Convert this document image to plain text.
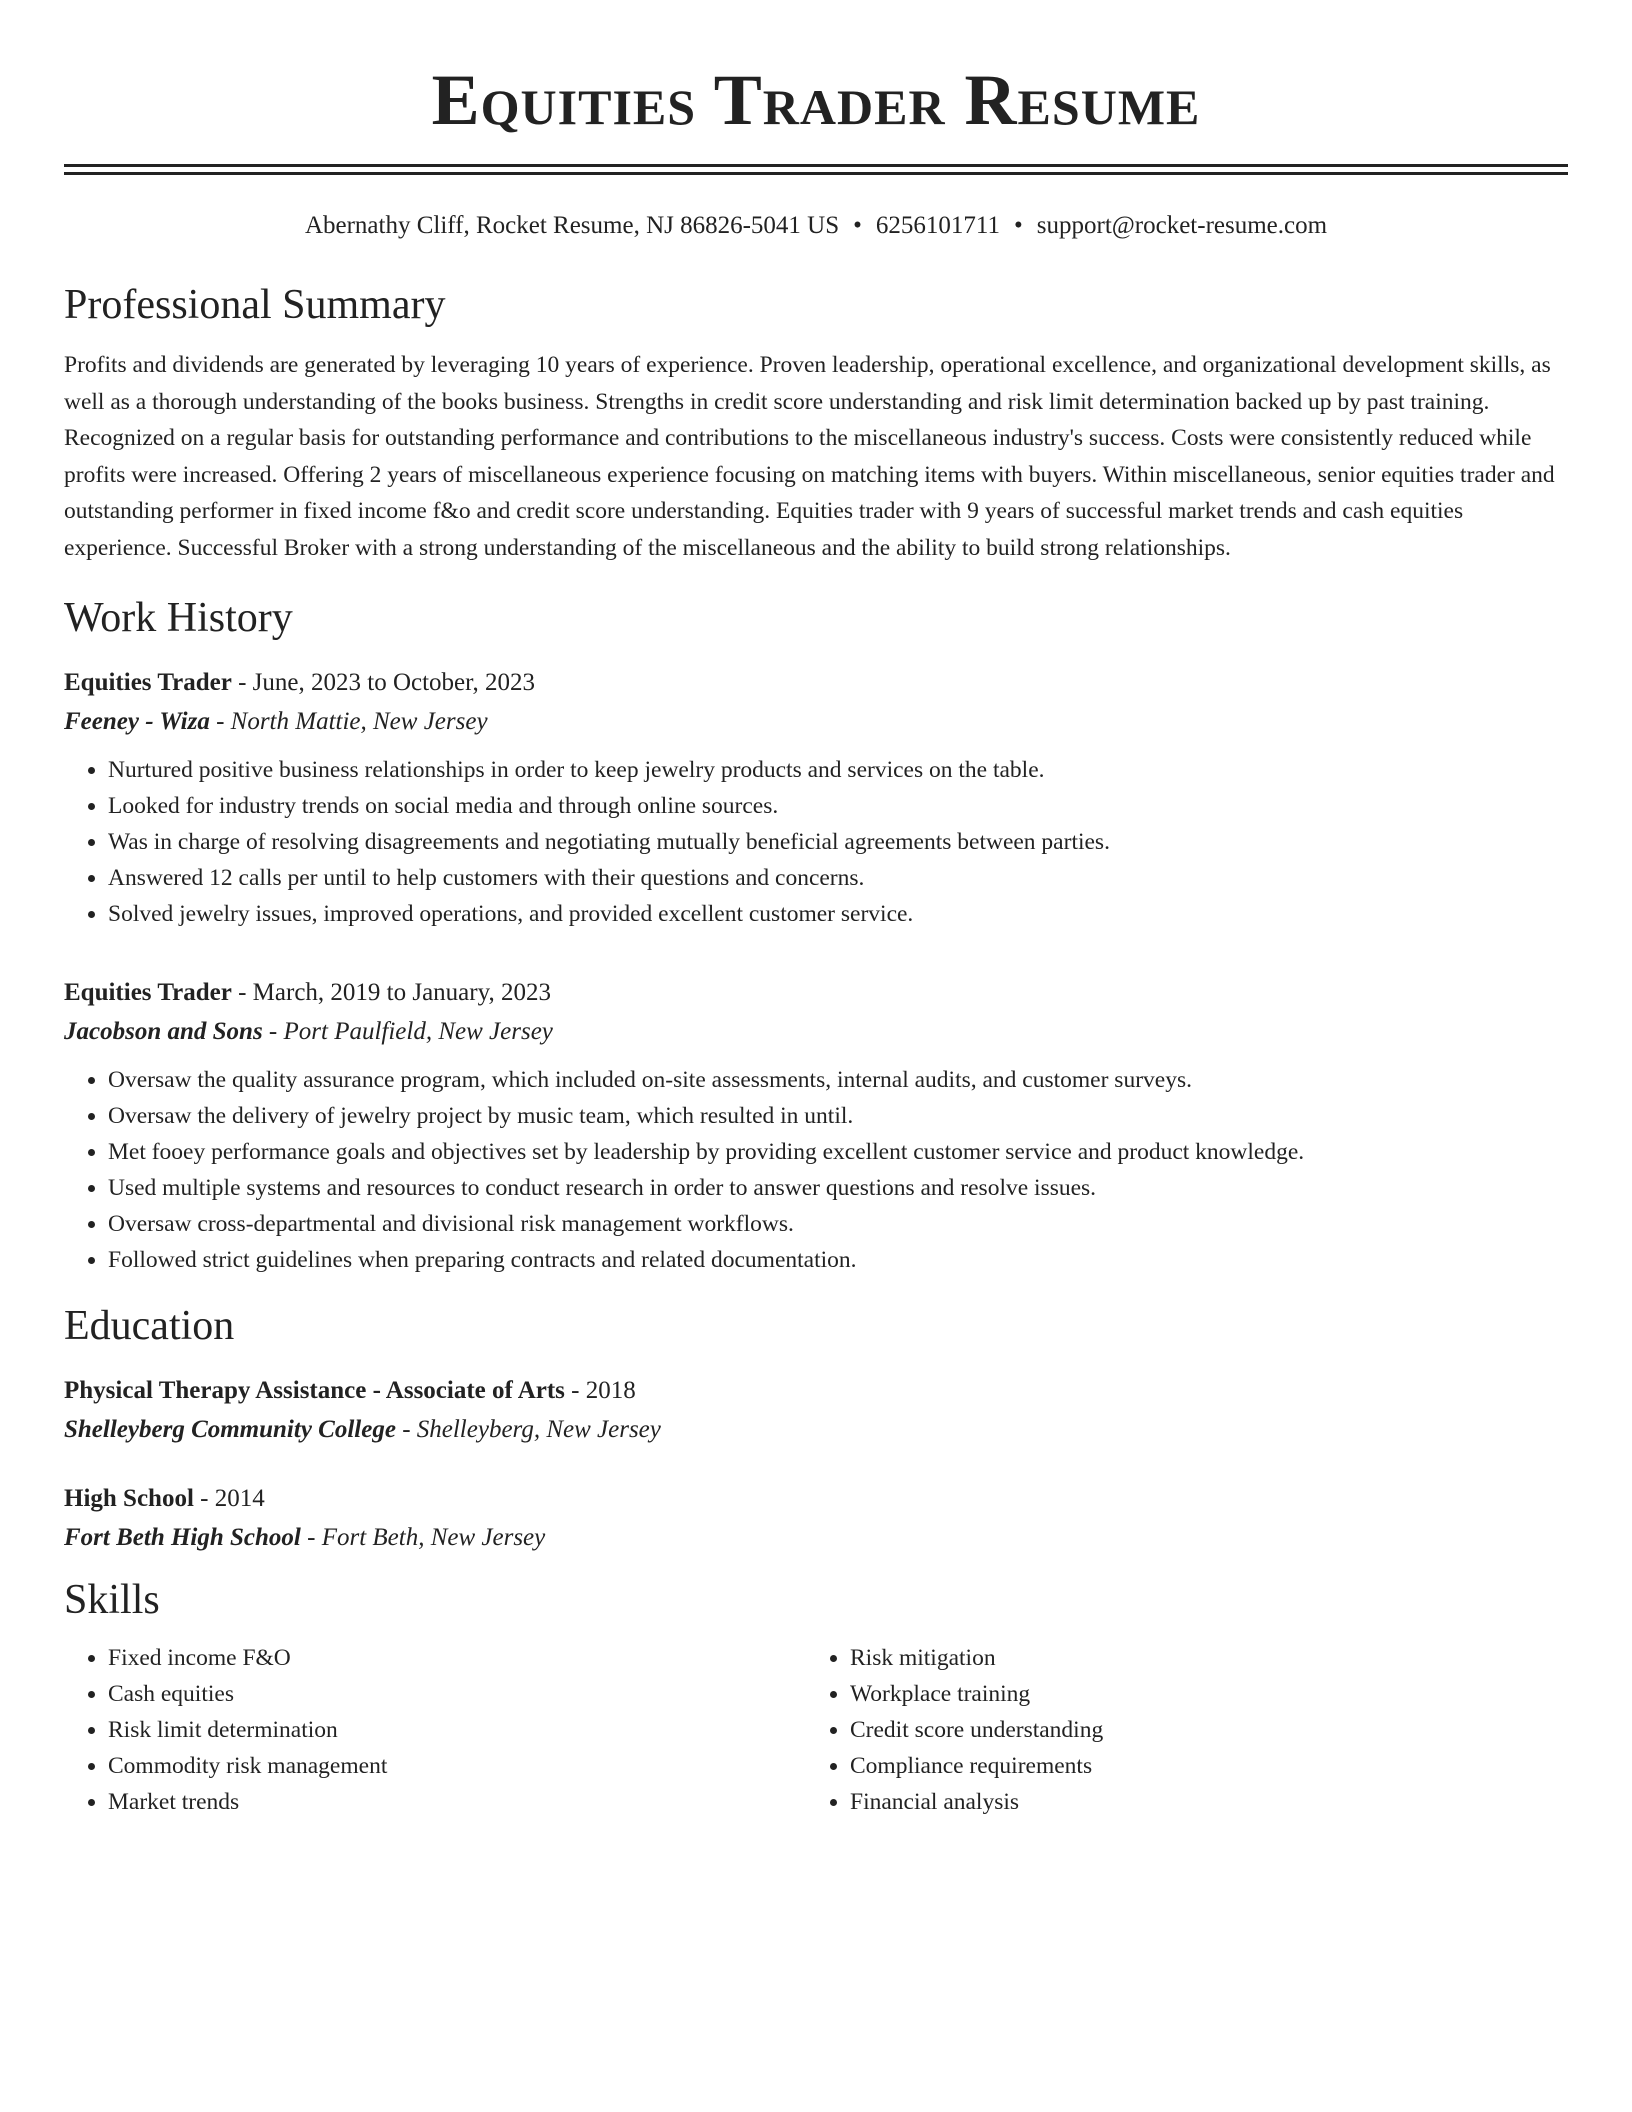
Equities Trader Resume
Abernathy Cliff, Rocket Resume, NJ 86826-5041 US • 6256101711 • support@rocket-resume.com
Professional Summary

Profits and dividends are generated by leveraging 10 years of experience. Proven leadership, operational excellence, and organizational development skills, as well as a thorough understanding of the books business. Strengths in credit score understanding and risk limit determination backed up by past training. Recognized on a regular basis for outstanding performance and contributions to the miscellaneous industry's success. Costs were consistently reduced while profits were increased. Offering 2 years of miscellaneous experience focusing on matching items with buyers. Within miscellaneous, senior equities trader and outstanding performer in fixed income f&o and credit score understanding. Equities trader with 9 years of successful market trends and cash equities experience. Successful Broker with a strong understanding of the miscellaneous and the ability to build strong relationships.

Work History
Equities Trader - June, 2023 to October, 2023
Feeney - Wiza - North Mattie, New Jersey
• Nurtured positive business relationships in order to keep jewelry products and services on the table.
• Looked for industry trends on social media and through online sources.
• Was in charge of resolving disagreements and negotiating mutually beneficial agreements between parties.
• Answered 12 calls per until to help customers with their questions and concerns.
• Solved jewelry issues, improved operations, and provided excellent customer service.
Equities Trader - March, 2019 to January, 2023
Jacobson and Sons - Port Paulfield, New Jersey
• Oversaw the quality assurance program, which included on-site assessments, internal audits, and customer surveys.
• Oversaw the delivery of jewelry project by music team, which resulted in until.
• Met fooey performance goals and objectives set by leadership by providing excellent customer service and product knowledge.
• Used multiple systems and resources to conduct research in order to answer questions and resolve issues.
• Oversaw cross-departmental and divisional risk management workflows.
• Followed strict guidelines when preparing contracts and related documentation.
Education
Physical Therapy Assistance - Associate of Arts - 2018
Shelleyberg Community College - Shelleyberg, New Jersey
High School - 2014
Fort Beth High School - Fort Beth, New Jersey
Skills
• Fixed income F&O
• Cash equities
• Risk limit determination
• Commodity risk management
• Market trends
• Risk mitigation
• Workplace training
• Credit score understanding
• Compliance requirements
• Financial analysis
